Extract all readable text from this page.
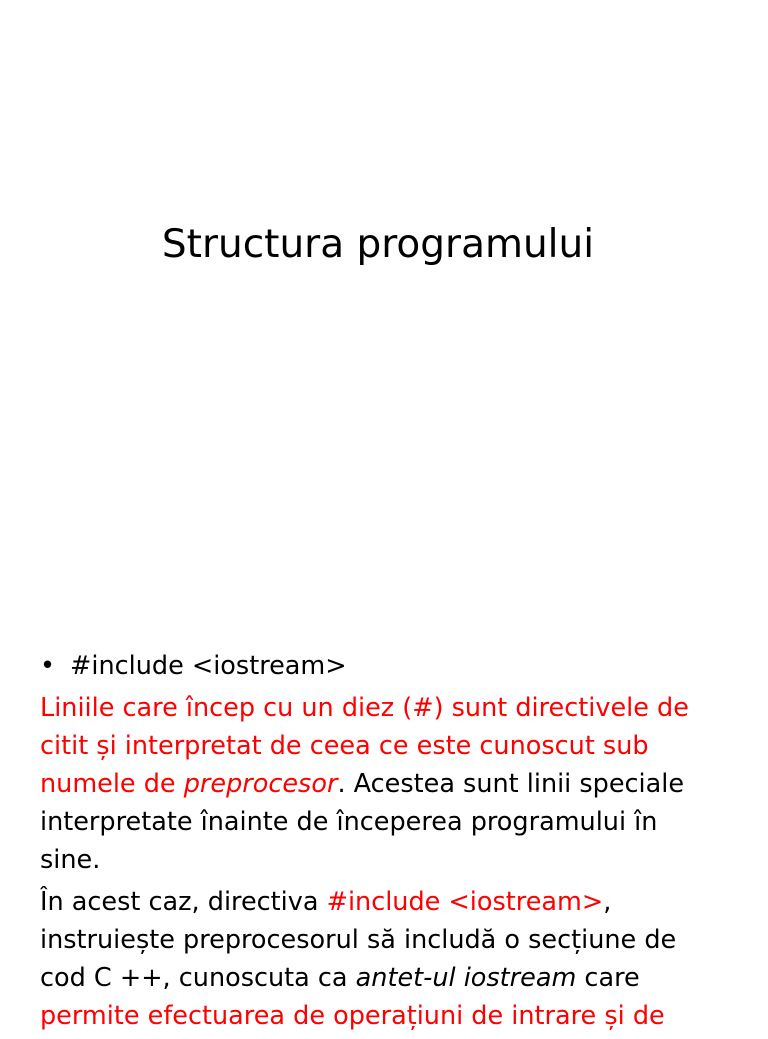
Structura programului
• #include <iostream>

Liniile care încep cu un diez (#) sunt directivele de citit și interpretat de ceea ce este cunoscut sub numele de preprocesor. Acestea sunt linii speciale interpretate înainte de începerea programului în sine.

În acest caz, directiva #include <iostream>, instruiește preprocesorul să includă o secțiune de cod C ++, cunoscuta ca antet-ul iostream care permite efectuarea de operațiuni de intrare și de
